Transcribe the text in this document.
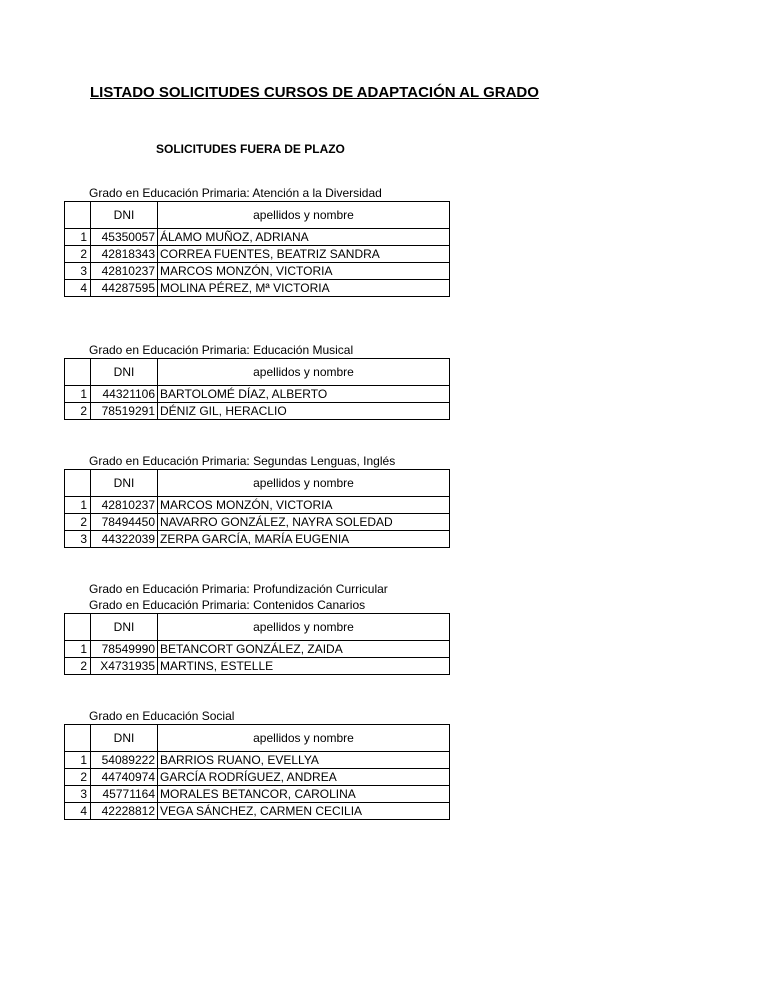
LISTADO SOLICITUDES CURSOS DE ADAPTACIÓN AL GRADO
SOLICITUDES FUERA DE PLAZO
Grado en Educación Primaria: Atención a la Diversidad
	DNI	apellidos y nombre
1	45350057	ÁLAMO MUÑOZ, ADRIANA
2	42818343	CORREA FUENTES, BEATRIZ SANDRA
3	42810237	MARCOS MONZÓN, VICTORIA
4	44287595	MOLINA PÉREZ, Mª VICTORIA
Grado en Educación Primaria: Educación Musical
	DNI	apellidos y nombre
1	44321106	BARTOLOMÉ DÍAZ, ALBERTO
2	78519291	DÉNIZ GIL, HERACLIO
Grado en Educación Primaria: Segundas Lenguas, Inglés
	DNI	apellidos y nombre
1	42810237	MARCOS MONZÓN, VICTORIA
2	78494450	NAVARRO GONZÁLEZ, NAYRA SOLEDAD
3	44322039	ZERPA GARCÍA, MARÍA EUGENIA
Grado en Educación Primaria: Profundización Curricular
Grado en Educación Primaria: Contenidos Canarios
	DNI	apellidos y nombre
1	78549990	BETANCORT GONZÁLEZ, ZAIDA
2	X4731935	MARTINS, ESTELLE
Grado en Educación Social
	DNI	apellidos y nombre
1	54089222	BARRIOS RUANO, EVELLYA
2	44740974	GARCÍA RODRÍGUEZ, ANDREA
3	45771164	MORALES BETANCOR, CAROLINA
4	42228812	VEGA SÁNCHEZ, CARMEN CECILIA
